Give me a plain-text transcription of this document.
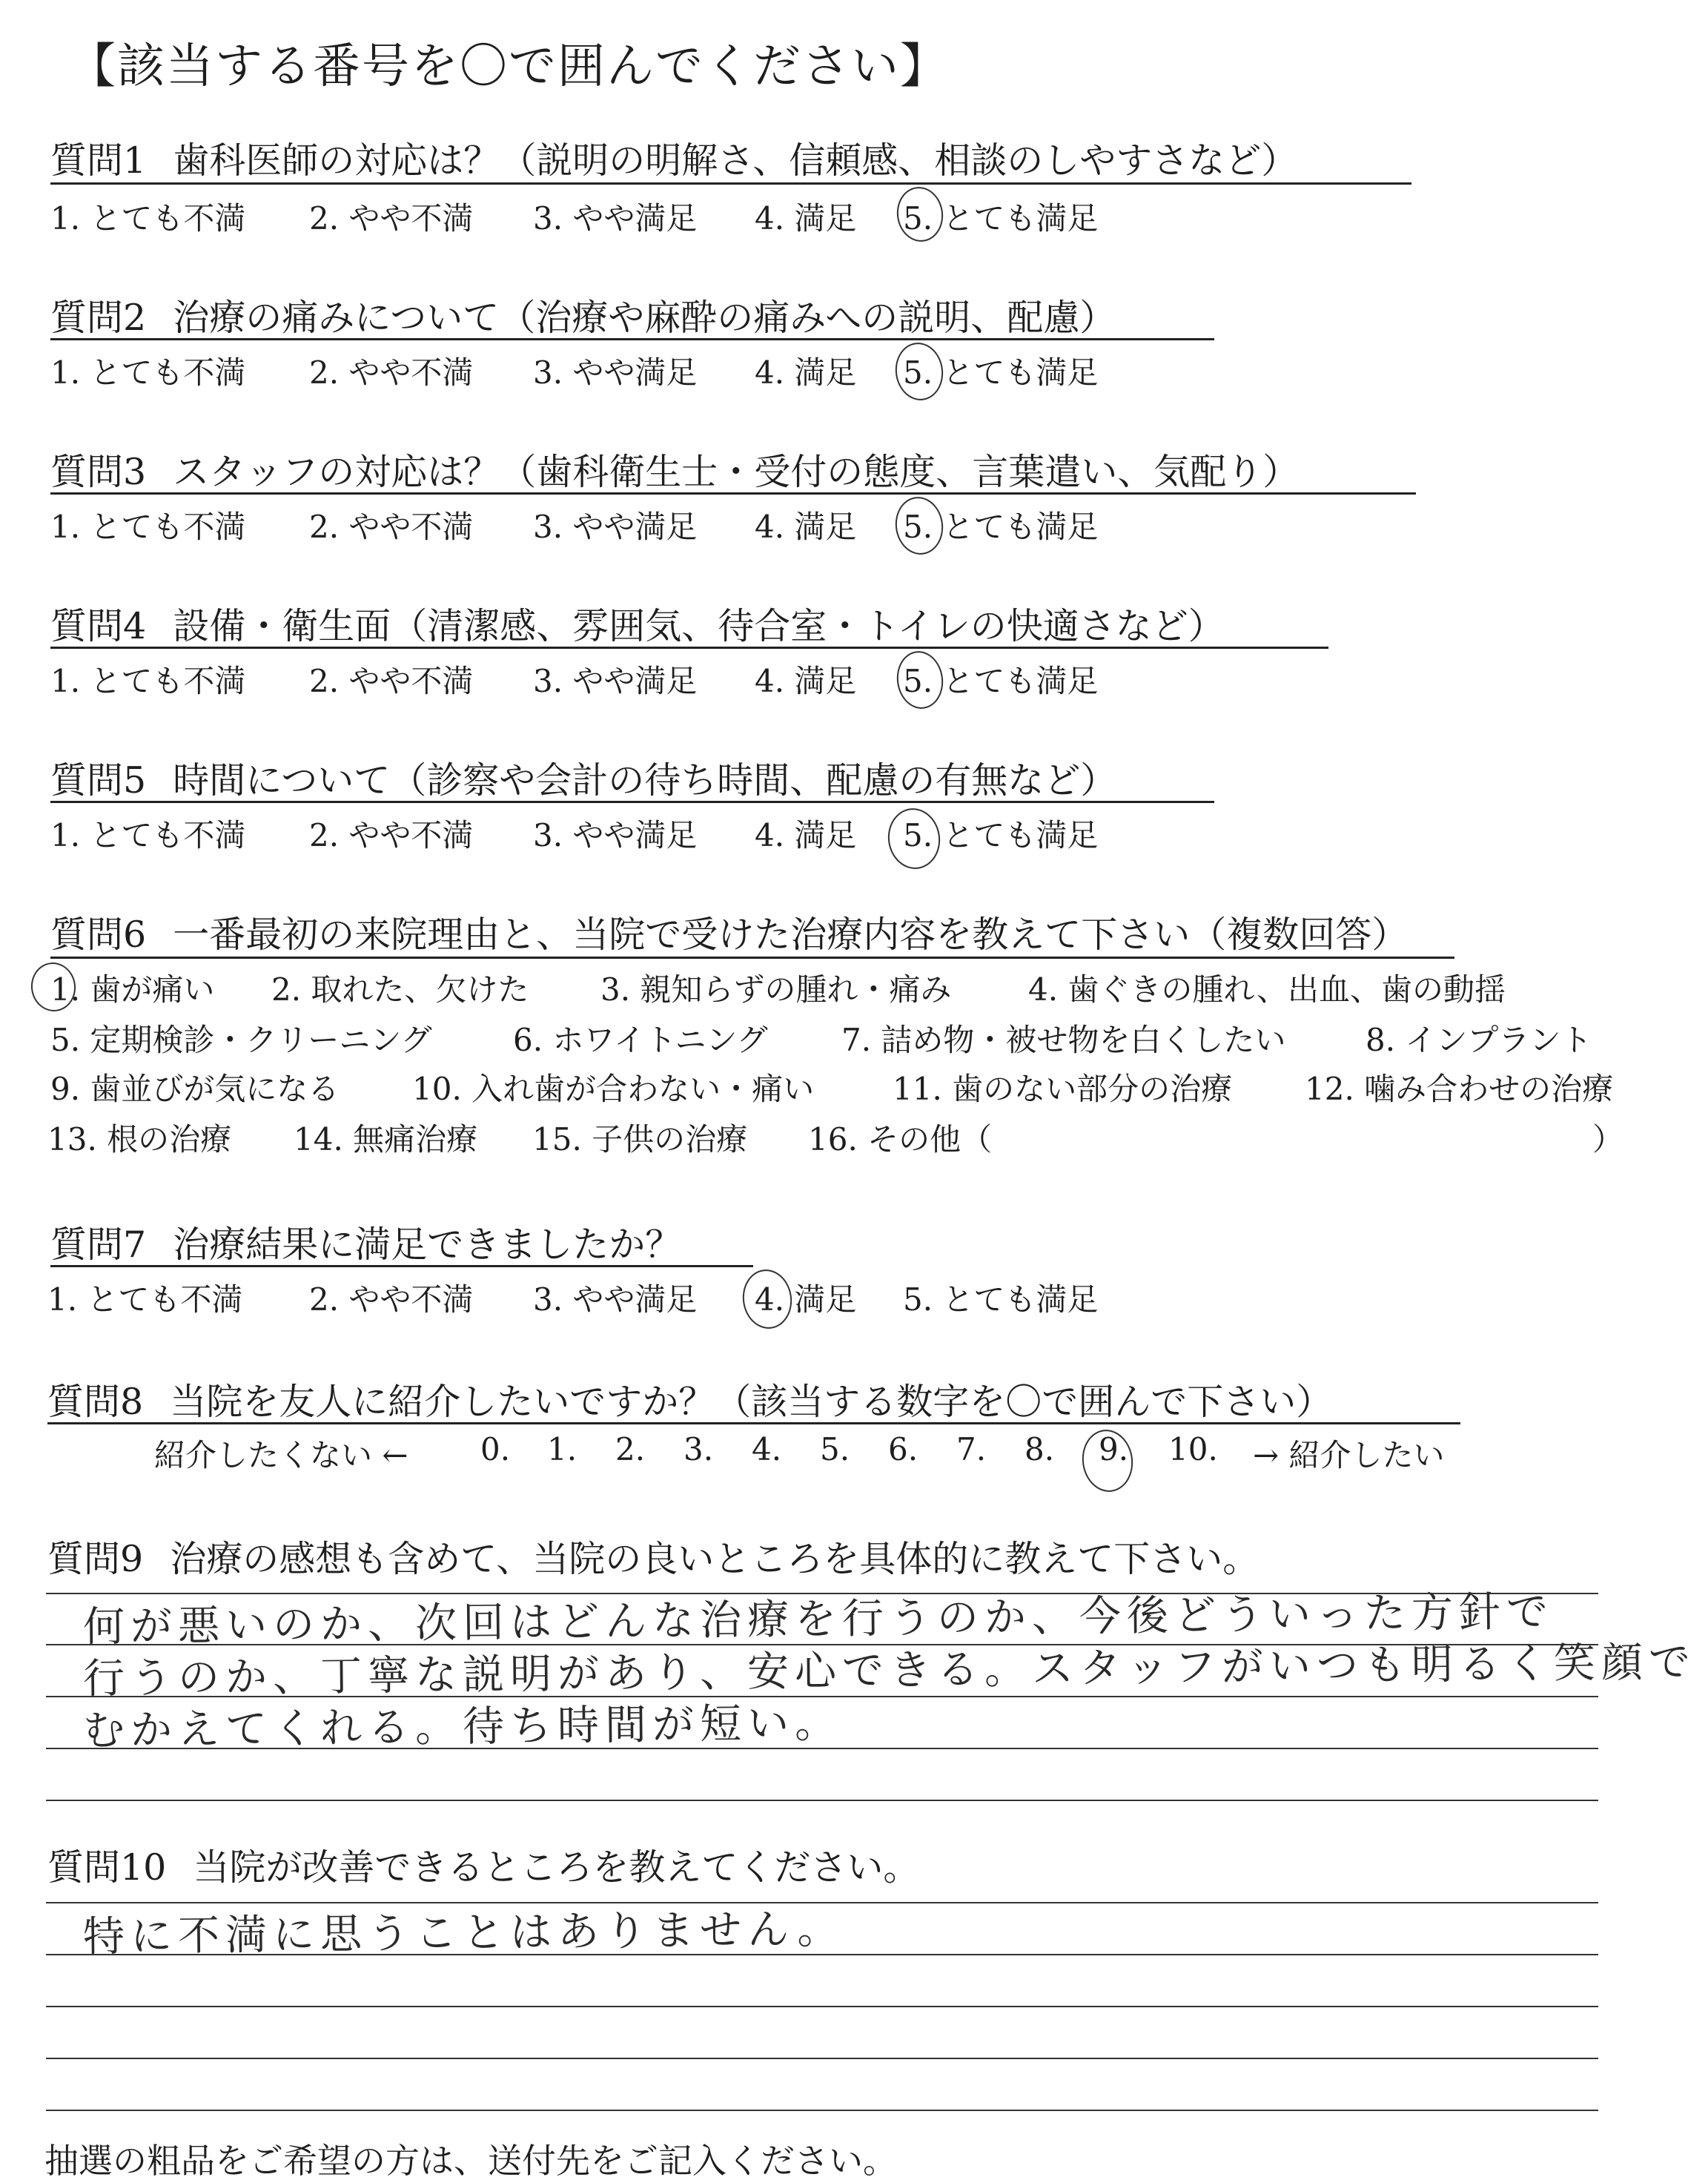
【該当する番号を〇で囲んでください】
質問1 歯科医師の対応は？（説明の明解さ、信頼感、相談のしやすさなど）
1. とても不満 2. やや不満 3. やや満足 4. 満足 5. とても満足
質問2 治療の痛みについて（治療や麻酔の痛みへの説明、配慮）
1. とても不満 2. やや不満 3. やや満足 4. 満足 5. とても満足
質問3 スタッフの対応は？（歯科衛生士・受付の態度、言葉遣い、気配り）
1. とても不満 2. やや不満 3. やや満足 4. 満足 5. とても満足
質問4 設備・衛生面（清潔感、雰囲気、待合室・トイレの快適さなど）
1. とても不満 2. やや不満 3. やや満足 4. 満足 5. とても満足
質問5 時間について（診察や会計の待ち時間、配慮の有無など）
1. とても不満 2. やや不満 3. やや満足 4. 満足 5. とても満足
質問6 一番最初の来院理由と、当院で受けた治療内容を教えて下さい（複数回答）
1. 歯が痛い 2. 取れた、欠けた 3. 親知らずの腫れ・痛み 4. 歯ぐきの腫れ、出血、歯の動揺
5. 定期検診・クリーニング	6. ホワイトニング 7. 詰め物・被せ物を白くしたい	8. インプラント
9. 歯並びが気になる 10. 入れ歯が合わない・痛い	11. 歯のない部分の治療 12. 噛み合わせの治療
13. 根の治療 14. 無痛治療 15. 子供の治療 16. その他（	）
質問7 治療結果に満足できましたか？
1. とても不満 2. やや不満 3. やや満足 4. 満足 5. とても満足
質問8 当院を友人に紹介したいですか？（該当する数字を〇で囲んで下さい）
紹介したくない ← 0. 1. 2. 3. 4. 5. 6. 7. 8. 9. 10. → 紹介したい
質問9 治療の感想も含めて、当院の良いところを具体的に教えて下さい。
何が悪いのか、次回はどんな治療を行うのか、今後どういった方針で
行うのか、丁寧な説明があり、安心できる。スタッフがいつも明るく笑顔で
むかえてくれる。待ち時間が短い。
質問10 当院が改善できるところを教えてください。
特に不満に思うことはありません。
抽選の粗品をご希望の方は、送付先をご記入ください。
